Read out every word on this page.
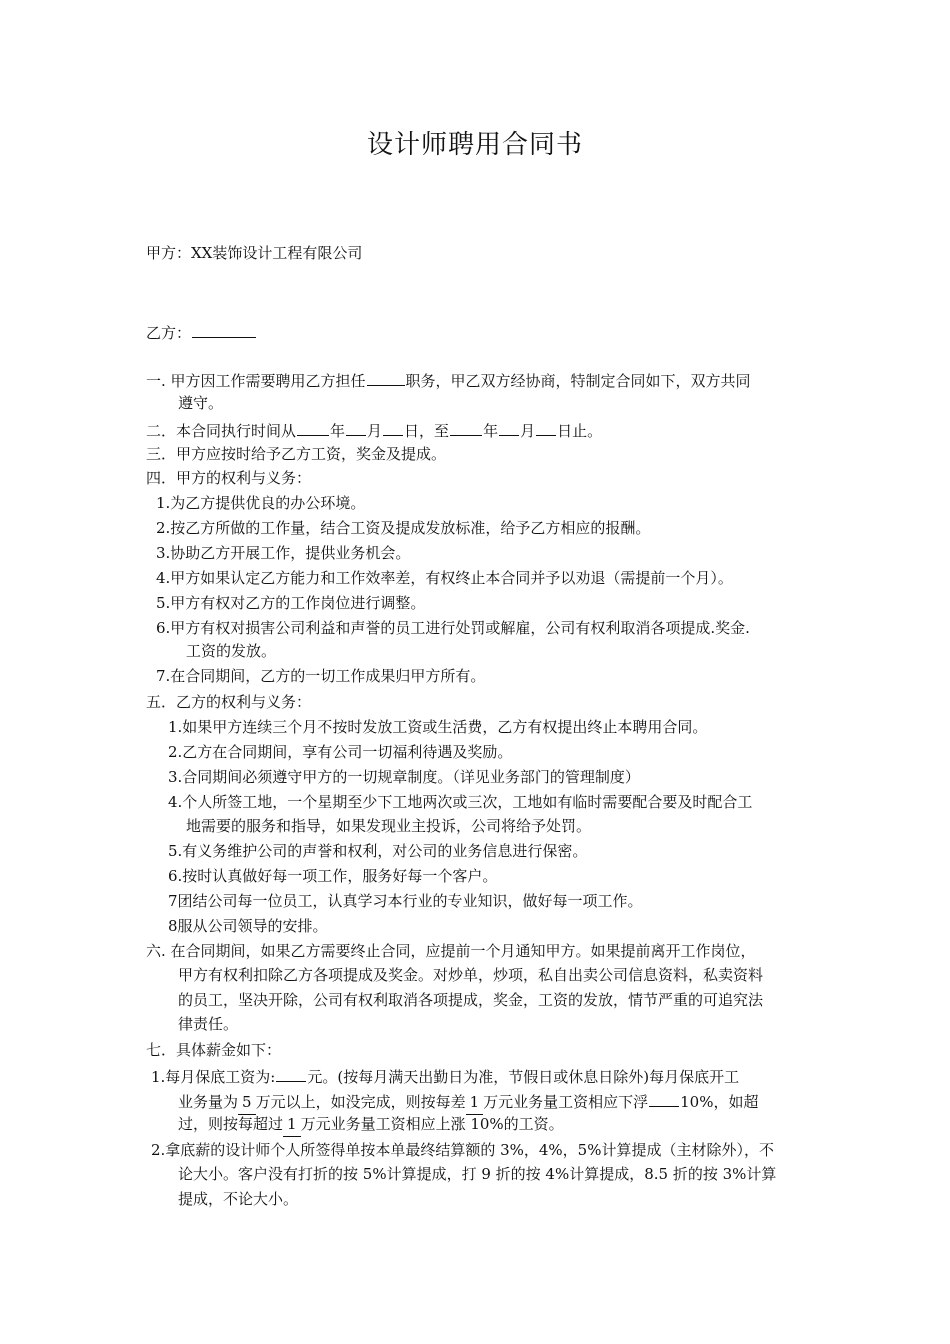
设计师聘用合同书
甲方：XX装饰设计工程有限公司
乙方：
一. 甲方因工作需要聘用乙方担任	职务，甲乙双方经协商，特制定合同如下，双方共同
遵守。
二．本合同执行时间从 年 月 日，至 年 月 日止。
三．甲方应按时给予乙方工资，奖金及提成。
四．甲方的权利与义务：
1.为乙方提供优良的办公环境。
2.按乙方所做的工作量，结合工资及提成发放标准，给予乙方相应的报酬。
3.协助乙方开展工作，提供业务机会。
4.甲方如果认定乙方能力和工作效率差，有权终止本合同并予以劝退（需提前一个月）。
5.甲方有权对乙方的工作岗位进行调整。
6.甲方有权对损害公司利益和声誉的员工进行处罚或解雇，公司有权利取消各项提成.奖金.
工资的发放。
7.在合同期间，乙方的一切工作成果归甲方所有。
五．乙方的权利与义务：
1.如果甲方连续三个月不按时发放工资或生活费，乙方有权提出终止本聘用合同。
2.乙方在合同期间，享有公司一切福利待遇及奖励。
3.合同期间必须遵守甲方的一切规章制度。（详见业务部门的管理制度）
4.个人所签工地，一个星期至少下工地两次或三次，工地如有临时需要配合要及时配合工
地需要的服务和指导，如果发现业主投诉，公司将给予处罚。
5.有义务维护公司的声誉和权利，对公司的业务信息进行保密。
6.按时认真做好每一项工作，服务好每一个客户。
7团结公司每一位员工，认真学习本行业的专业知识，做好每一项工作。
8服从公司领导的安排。
六. 在合同期间，如果乙方需要终止合同，应提前一个月通知甲方。如果提前离开工作岗位，
甲方有权利扣除乙方各项提成及奖金。对炒单，炒项，私自出卖公司信息资料，私卖资料
的员工，坚决开除，公司有权利取消各项提成，奖金，工资的发放，情节严重的可追究法
律责任。
七．具体薪金如下：
1.每月保底工资为: 元。(按每月满天出勤日为准，节假日或休息日除外)每月保底开工
业务量为 5 万元以上，如没完成，则按每差 1 万元业务量工资相应下浮 10%，如超
过，则按每超过 1 万元业务量工资相应上涨 10%的工资。
2.拿底薪的设计师个人所签得单按本单最终结算额的 3%，4%，5%计算提成（主材除外），不
论大小。客户没有打折的按 5%计算提成，打 9 折的按 4%计算提成，8.5 折的按 3%计算
提成，不论大小。
